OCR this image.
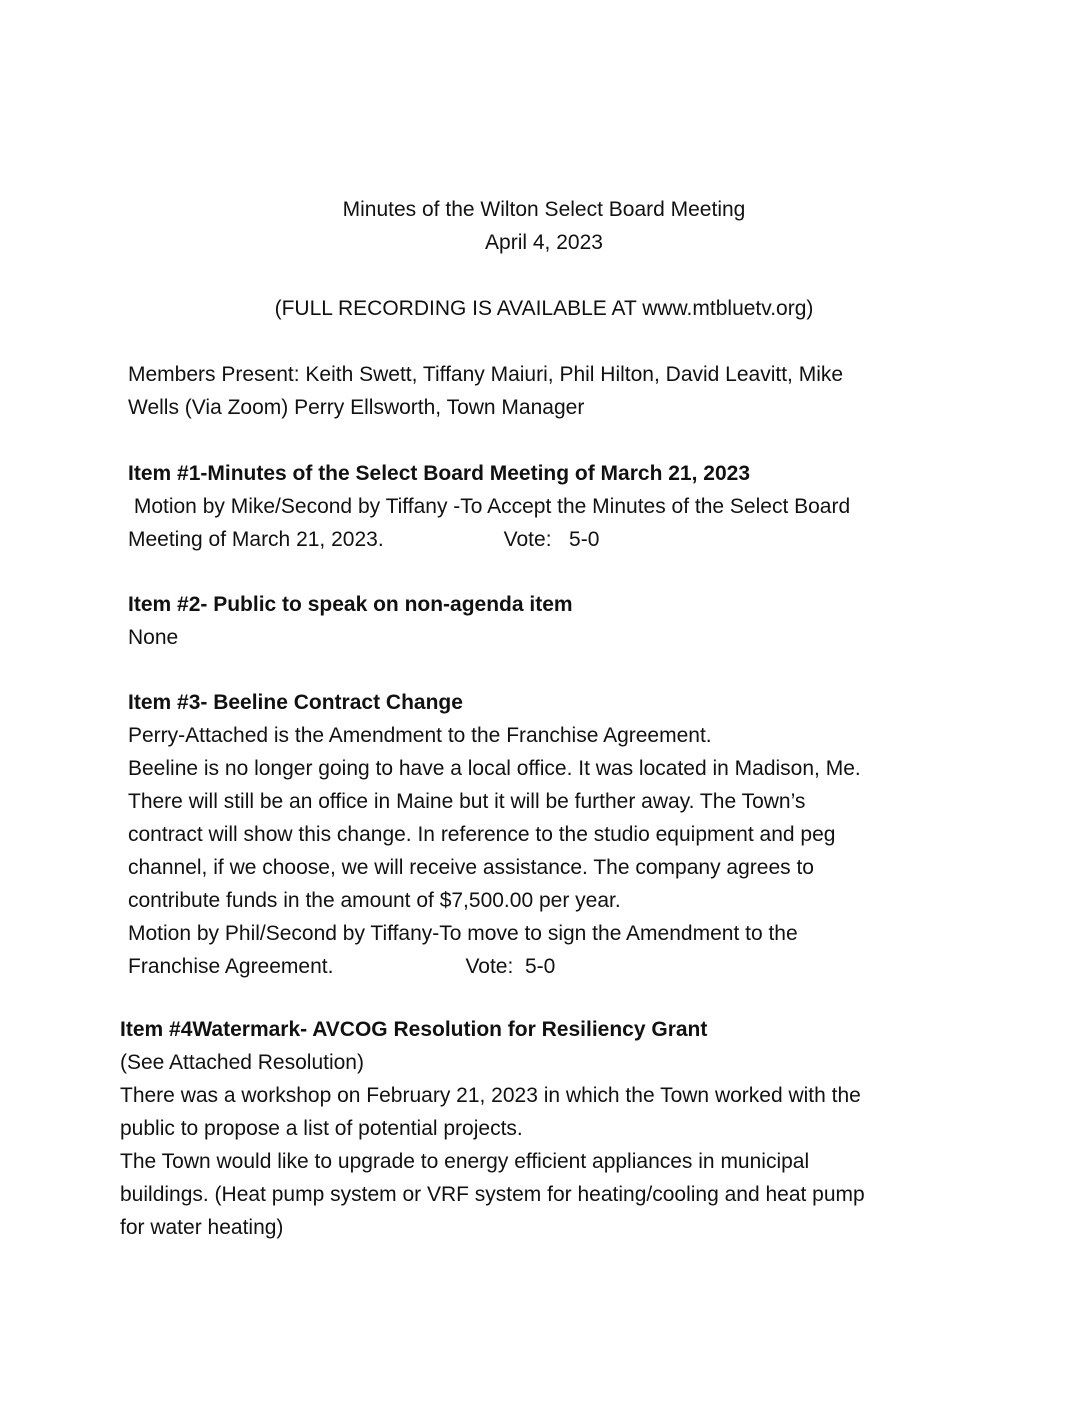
Minutes of the Wilton Select Board Meeting
April 4, 2023
(FULL RECORDING IS AVAILABLE AT www.mtbluetv.org)
Members Present: Keith Swett, Tiffany Maiuri, Phil Hilton, David Leavitt, Mike
Wells (Via Zoom) Perry Ellsworth, Town Manager
Item #1-Minutes of the Select Board Meeting of March 21, 2023
Motion by Mike/Second by Tiffany -To Accept the Minutes of the Select Board
Meeting of March 21, 2023.	Vote:   5-0
Item #2- Public to speak on non-agenda item
None
Item #3- Beeline Contract Change
Perry-Attached is the Amendment to the Franchise Agreement.
Beeline is no longer going to have a local office. It was located in Madison, Me.
There will still be an office in Maine but it will be further away. The Town’s
contract will show this change. In reference to the studio equipment and peg
channel, if we choose, we will receive assistance. The company agrees to
contribute funds in the amount of $7,500.00 per year.
Motion by Phil/Second by Tiffany-To move to sign the Amendment to the
Franchise Agreement.	Vote:  5-0
Item #4Watermark- AVCOG Resolution for Resiliency Grant
(See Attached Resolution)
There was a workshop on February 21, 2023 in which the Town worked with the
public to propose a list of potential projects.
The Town would like to upgrade to energy efficient appliances in municipal
buildings. (Heat pump system or VRF system for heating/cooling and heat pump
for water heating)
